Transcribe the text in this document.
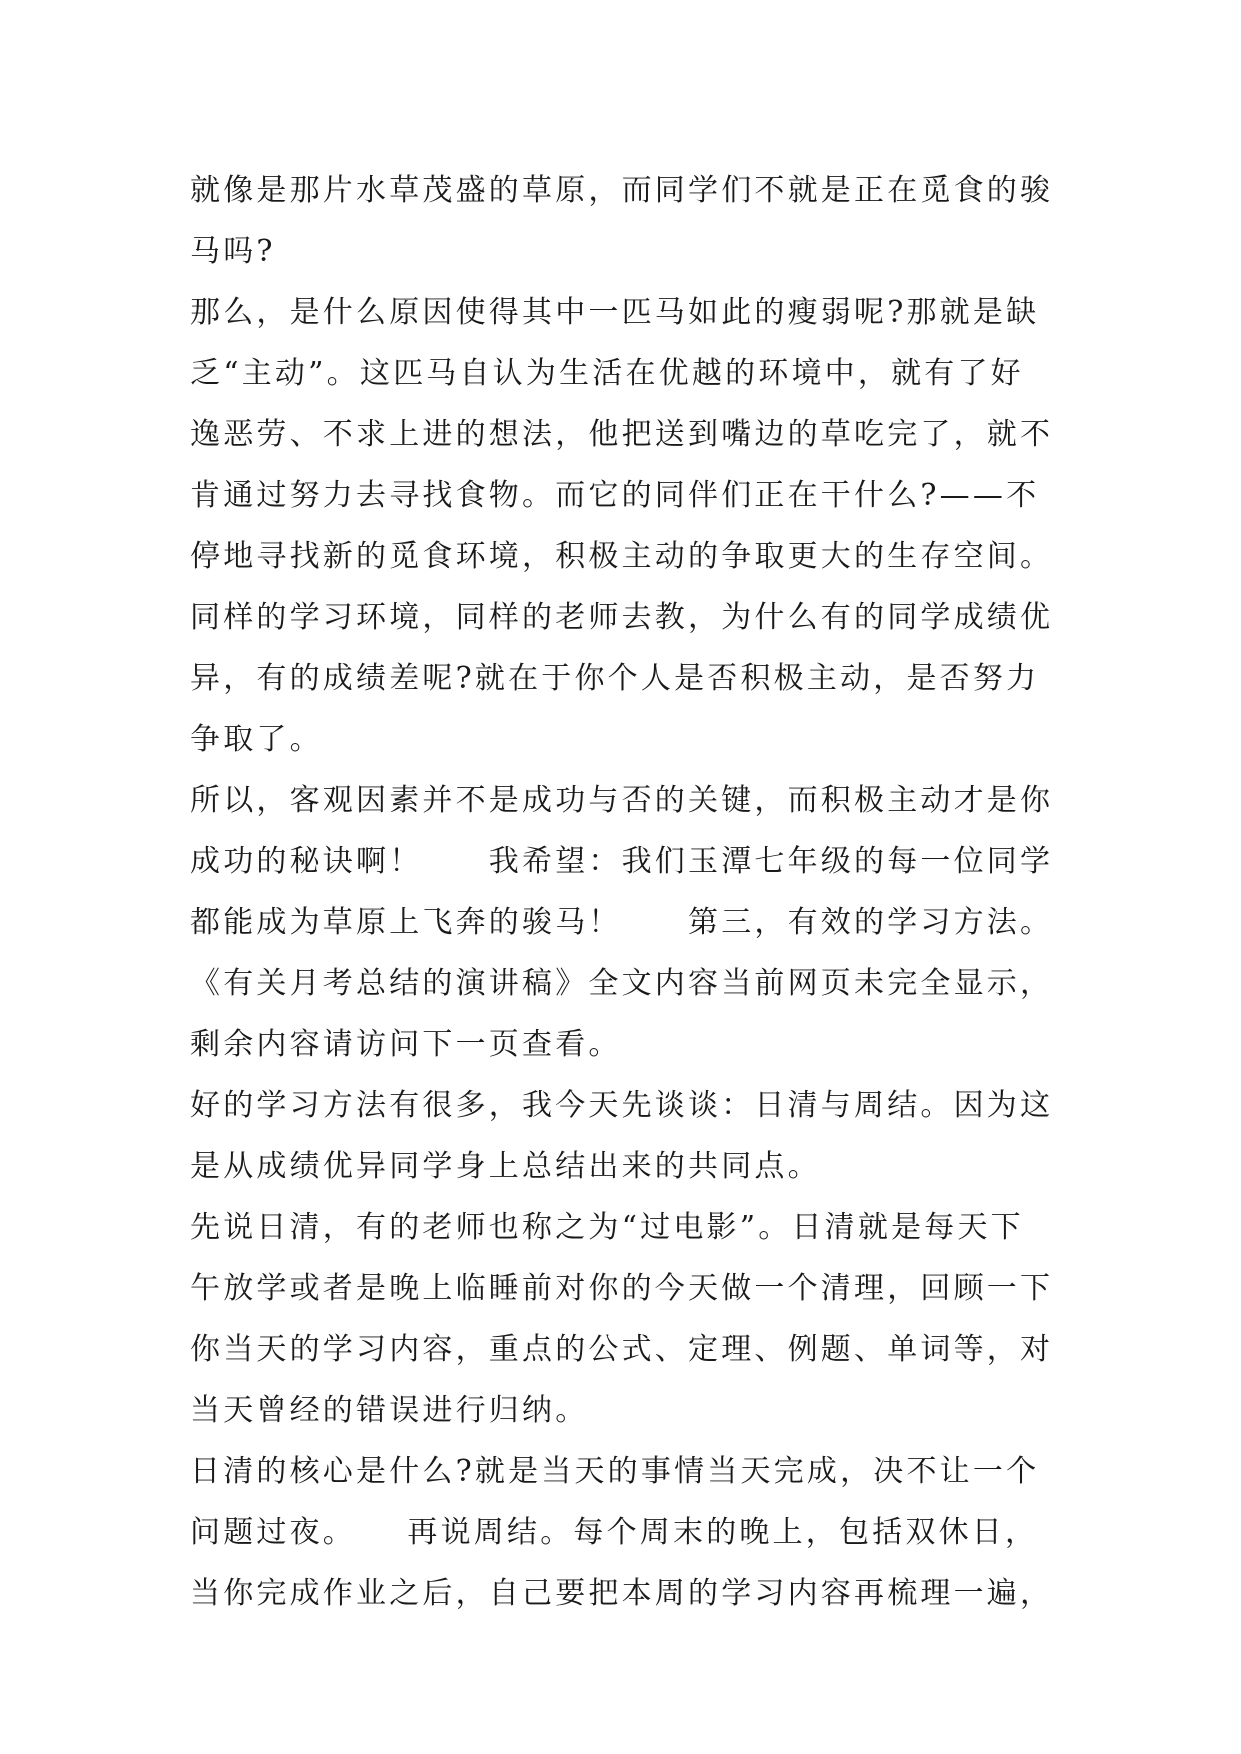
就像是那片水草茂盛的草原，而同学们不就是正在觅食的骏
马吗?
那么，是什么原因使得其中一匹马如此的瘦弱呢?那就是缺
乏“主动”。这匹马自认为生活在优越的环境中，就有了好
逸恶劳、不求上进的想法，他把送到嘴边的草吃完了，就不
肯通过努力去寻找食物。而它的同伴们正在干什么?——不
停地寻找新的觅食环境，积极主动的争取更大的生存空间。
同样的学习环境，同样的老师去教，为什么有的同学成绩优
异，有的成绩差呢?就在于你个人是否积极主动，是否努力
争取了。
所以，客观因素并不是成功与否的关键，而积极主动才是你
成功的秘诀啊！　　我希望：我们玉潭七年级的每一位同学
都能成为草原上飞奔的骏马！　　第三，有效的学习方法。
《有关月考总结的演讲稿》全文内容当前网页未完全显示，
剩余内容请访问下一页查看。
好的学习方法有很多，我今天先谈谈：日清与周结。因为这
是从成绩优异同学身上总结出来的共同点。
先说日清，有的老师也称之为“过电影”。日清就是每天下
午放学或者是晚上临睡前对你的今天做一个清理，回顾一下
你当天的学习内容，重点的公式、定理、例题、单词等，对
当天曾经的错误进行归纳。
日清的核心是什么?就是当天的事情当天完成，决不让一个
问题过夜。　　再说周结。每个周末的晚上，包括双休日，
当你完成作业之后，自己要把本周的学习内容再梳理一遍，
